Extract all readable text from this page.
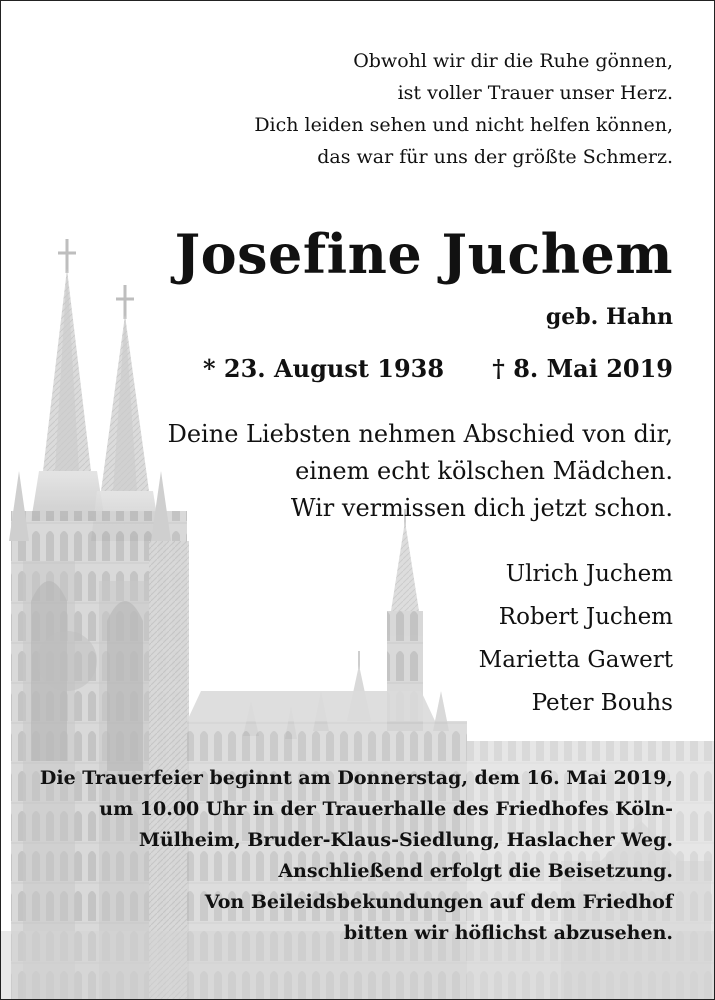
Obwohl wir dir die Ruhe gönnen,
ist voller Trauer unser Herz.
Dich leiden sehen und nicht helfen können,
das war für uns der größte Schmerz.
Josefine Juchem
geb. Hahn
* 23. August 1938 † 8. Mai 2019
Deine Liebsten nehmen Abschied von dir,
einem echt kölschen Mädchen.
Wir vermissen dich jetzt schon.
Ulrich Juchem
Robert Juchem
Marietta Gawert
Peter Bouhs
Die Trauerfeier beginnt am Donnerstag, dem 16. Mai 2019,
um 10.00 Uhr in der Trauerhalle des Friedhofes Köln-
Mülheim, Bruder-Klaus-Siedlung, Haslacher Weg.
Anschließend erfolgt die Beisetzung.
Von Beileidsbekundungen auf dem Friedhof
bitten wir höflichst abzusehen.
